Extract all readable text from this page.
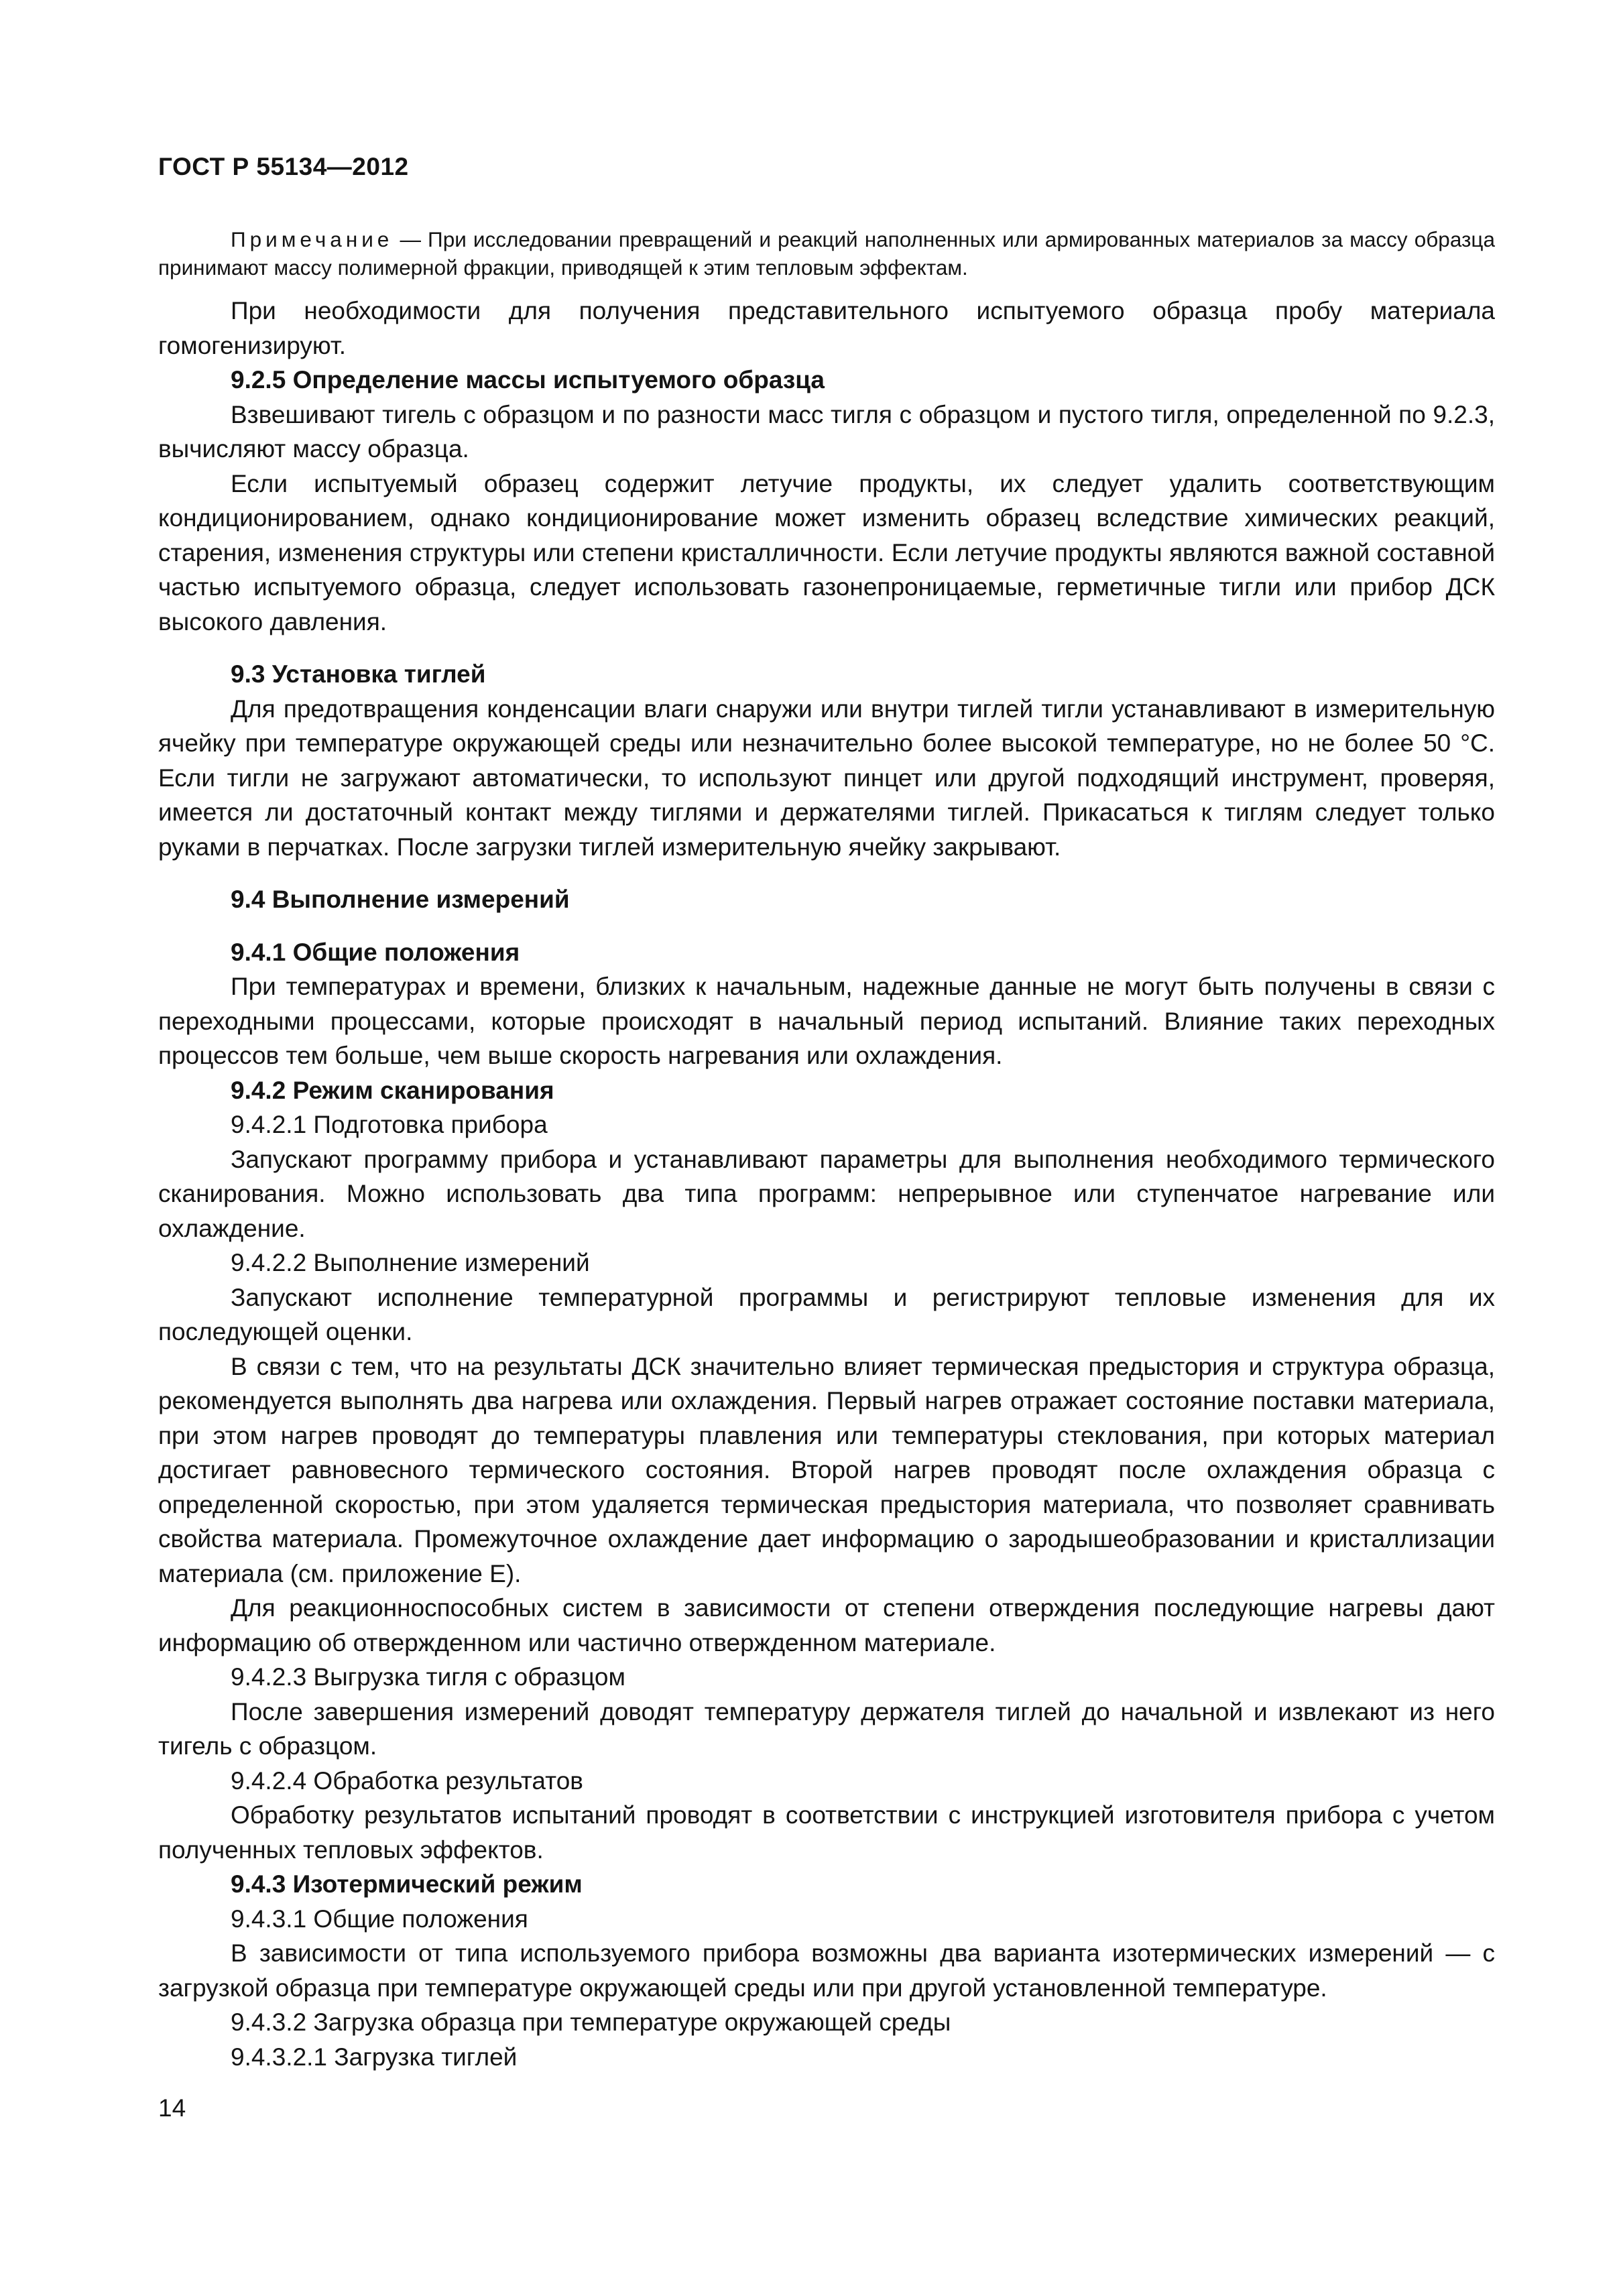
ГОСТ Р 55134—2012

Примечание — При исследовании превращений и реакций наполненных или армированных материалов за массу образца принимают массу полимерной фракции, приводящей к этим тепловым эффектам.

При необходимости для получения представительного испытуемого образца пробу материала гомогенизируют.

9.2.5 Определение массы испытуемого образца

Взвешивают тигель с образцом и по разности масс тигля с образцом и пустого тигля, определенной по 9.2.3, вычисляют массу образца.

Если испытуемый образец содержит летучие продукты, их следует удалить соответствующим кондиционированием, однако кондиционирование может изменить образец вследствие химических реакций, старения, изменения структуры или степени кристалличности. Если летучие продукты являются важной составной частью испытуемого образца, следует использовать газонепроницаемые, герметичные тигли или прибор ДСК высокого давления.

9.3 Установка тиглей

Для предотвращения конденсации влаги снаружи или внутри тиглей тигли устанавливают в измерительную ячейку при температуре окружающей среды или незначительно более высокой температуре, но не более 50 °С. Если тигли не загружают автоматически, то используют пинцет или другой подходящий инструмент, проверяя, имеется ли достаточный контакт между тиглями и держателями тиглей. Прикасаться к тиглям следует только руками в перчатках. После загрузки тиглей измерительную ячейку закрывают.

9.4 Выполнение измерений

9.4.1 Общие положения

При температурах и времени, близких к начальным, надежные данные не могут быть получены в связи с переходными процессами, которые происходят в начальный период испытаний. Влияние таких переходных процессов тем больше, чем выше скорость нагревания или охлаждения.

9.4.2 Режим сканирования

9.4.2.1 Подготовка прибора

Запускают программу прибора и устанавливают параметры для выполнения необходимого термического сканирования. Можно использовать два типа программ: непрерывное или ступенчатое нагревание или охлаждение.

9.4.2.2 Выполнение измерений

Запускают исполнение температурной программы и регистрируют тепловые изменения для их последующей оценки.

В связи с тем, что на результаты ДСК значительно влияет термическая предыстория и структура образца, рекомендуется выполнять два нагрева или охлаждения. Первый нагрев отражает состояние поставки материала, при этом нагрев проводят до температуры плавления или температуры стеклования, при которых материал достигает равновесного термического состояния. Второй нагрев проводят после охлаждения образца с определенной скоростью, при этом удаляется термическая предыстория материала, что позволяет сравнивать свойства материала. Промежуточное охлаждение дает информацию о зародышеобразовании и кристаллизации материала (см. приложение Е).

Для реакционноспособных систем в зависимости от степени отверждения последующие нагревы дают информацию об отвержденном или частично отвержденном материале.

9.4.2.3 Выгрузка тигля с образцом

После завершения измерений доводят температуру держателя тиглей до начальной и извлекают из него тигель с образцом.

9.4.2.4 Обработка результатов

Обработку результатов испытаний проводят в соответствии с инструкцией изготовителя прибора с учетом полученных тепловых эффектов.

9.4.3 Изотермический режим

9.4.3.1 Общие положения

В зависимости от типа используемого прибора возможны два варианта изотермических измерений — с загрузкой образца при температуре окружающей среды или при другой установленной температуре.

9.4.3.2 Загрузка образца при температуре окружающей среды

9.4.3.2.1 Загрузка тиглей

14
